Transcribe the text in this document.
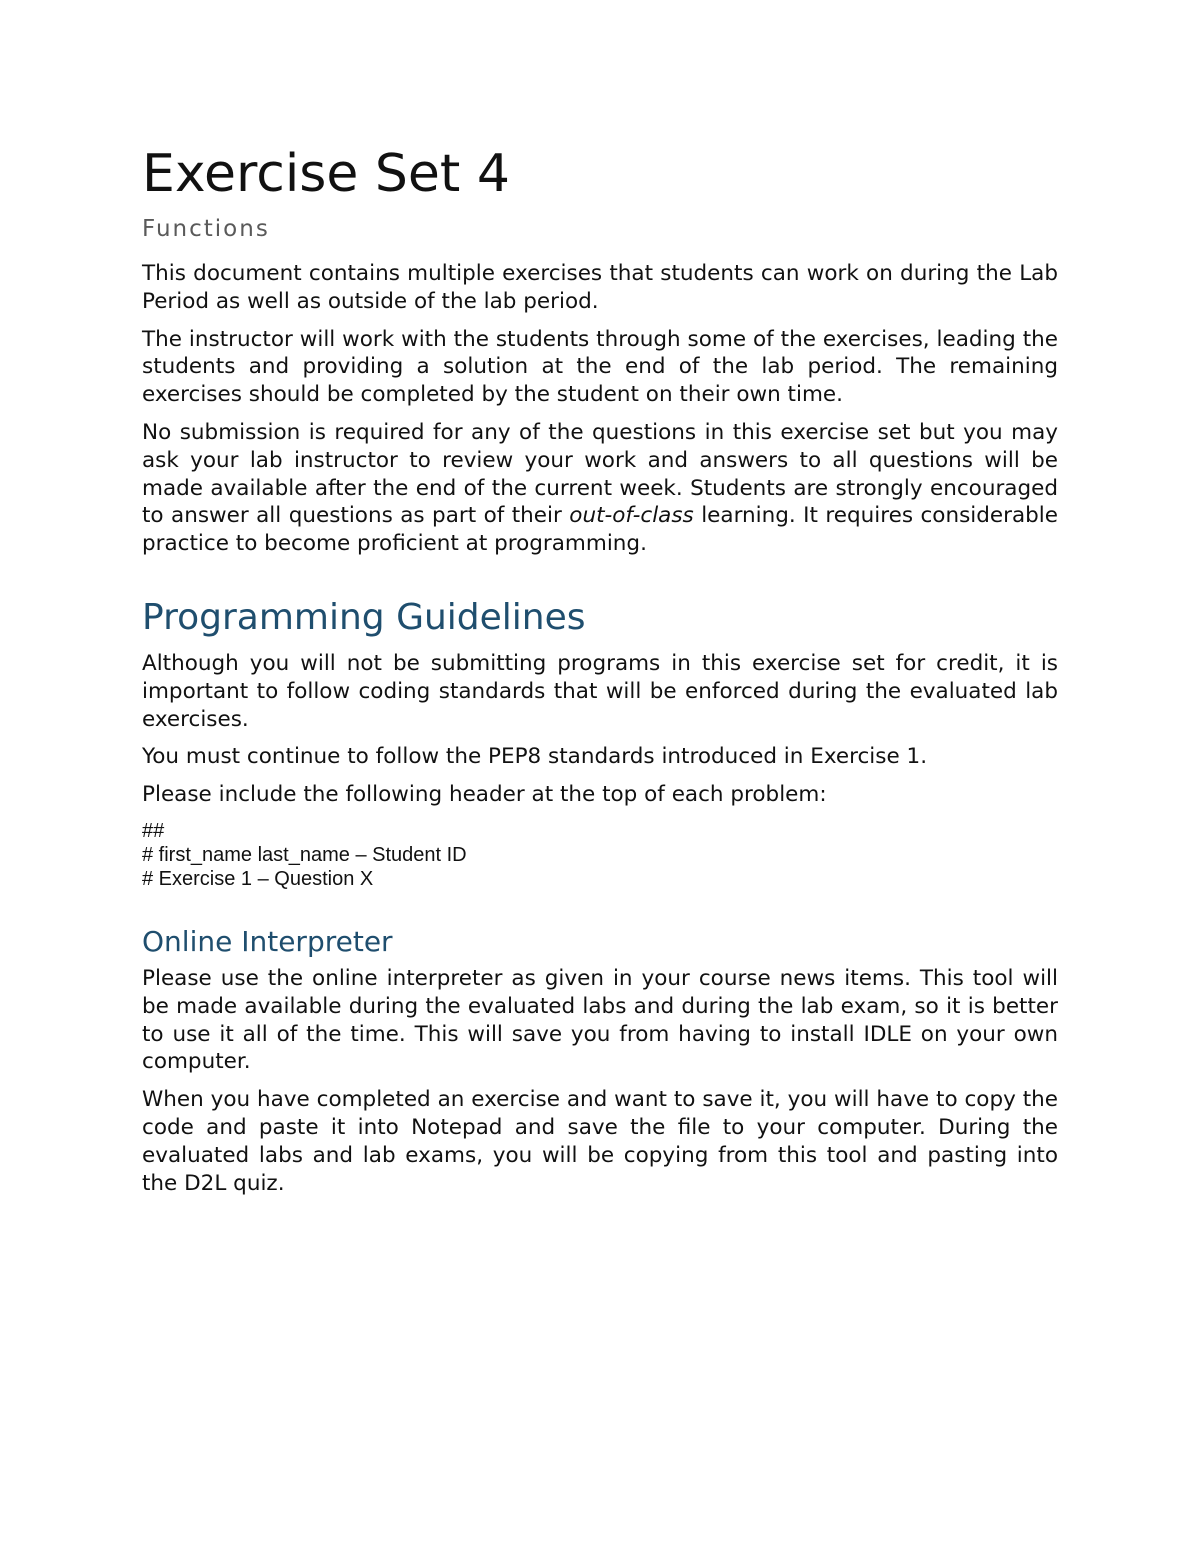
Exercise Set 4
Functions

This document contains multiple exercises that students can work on during the Lab Period as well as outside of the lab period.

The instructor will work with the students through some of the exercises, leading the students and providing a solution at the end of the lab period. The remaining exercises should be completed by the student on their own time.

No submission is required for any of the questions in this exercise set but you may ask your lab instructor to review your work and answers to all questions will be made available after the end of the current week. Students are strongly encouraged to answer all questions as part of their out-of-class learning. It requires considerable practice to become proficient at programming.

Programming Guidelines

Although you will not be submitting programs in this exercise set for credit, it is important to follow coding standards that will be enforced during the evaluated lab exercises.

You must continue to follow the PEP8 standards introduced in Exercise 1.

Please include the following header at the top of each problem:

##
# first_name last_name – Student ID
# Exercise 1 – Question X
Online Interpreter

Please use the online interpreter as given in your course news items. This tool will be made available during the evaluated labs and during the lab exam, so it is better to use it all of the time. This will save you from having to install IDLE on your own computer.

When you have completed an exercise and want to save it, you will have to copy the code and paste it into Notepad and save the file to your computer. During the evaluated labs and lab exams, you will be copying from this tool and pasting into the D2L quiz.
